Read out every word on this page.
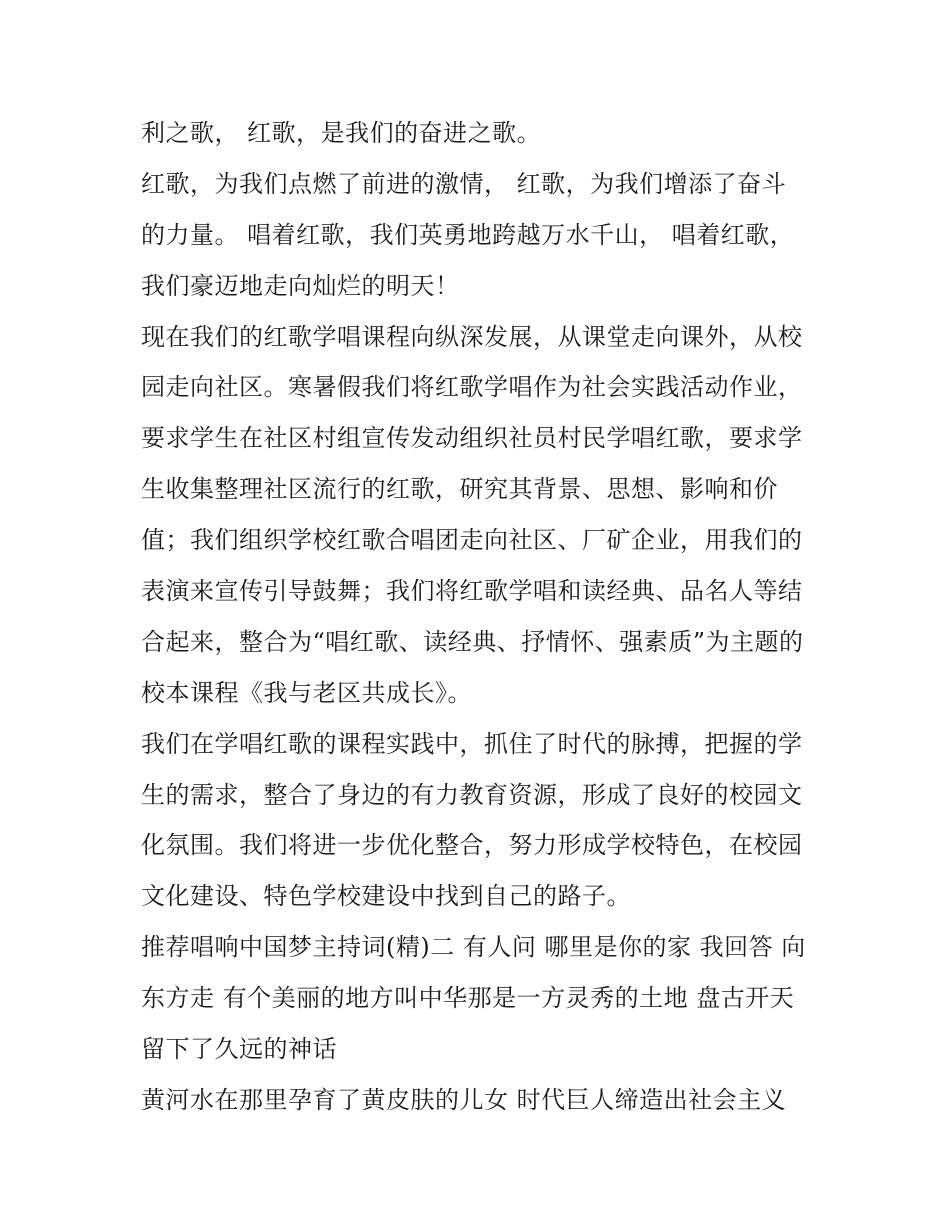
利之歌， 红歌，是我们的奋进之歌。
红歌，为我们点燃了前进的激情， 红歌，为我们增添了奋斗
的力量。 唱着红歌，我们英勇地跨越万水千山， 唱着红歌，
我们豪迈地走向灿烂的明天！
现在我们的红歌学唱课程向纵深发展，从课堂走向课外，从校
园走向社区。寒暑假我们将红歌学唱作为社会实践活动作业，
要求学生在社区村组宣传发动组织社员村民学唱红歌，要求学
生收集整理社区流行的红歌，研究其背景、思想、影响和价
值；我们组织学校红歌合唱团走向社区、厂矿企业，用我们的
表演来宣传引导鼓舞；我们将红歌学唱和读经典、品名人等结
合起来，整合为“唱红歌、读经典、抒情怀、强素质”为主题的
校本课程《我与老区共成长》。
我们在学唱红歌的课程实践中，抓住了时代的脉搏，把握的学
生的需求，整合了身边的有力教育资源，形成了良好的校园文
化氛围。我们将进一步优化整合，努力形成学校特色，在校园
文化建设、特色学校建设中找到自己的路子。
推荐唱响中国梦主持词(精)二 有人问 哪里是你的家 我回答 向
东方走 有个美丽的地方叫中华那是一方灵秀的土地 盘古开天
留下了久远的神话
黄河水在那里孕育了黄皮肤的儿女 时代巨人缔造出社会主义
